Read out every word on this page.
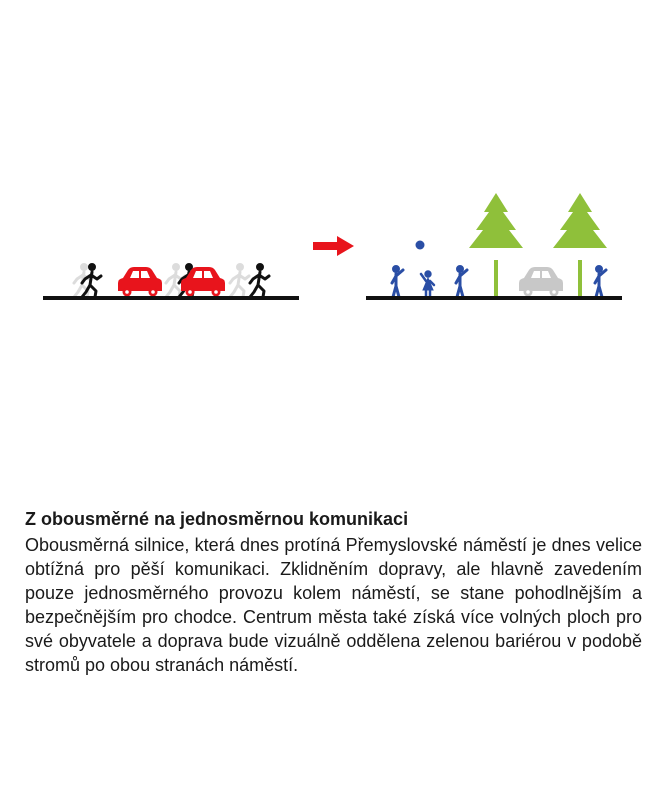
Z obousměrné na jednosměrnou komunikaci

Obousměrná silnice, která dnes protíná Přemyslovské náměstí je dnes velice obtížná pro pěší komunikaci. Zklidněním dopravy, ale hlavně zavedením pouze jednosměrného provozu kolem náměstí, se stane pohodlnějším a bezpečnějším pro chodce. Centrum města také získá více volných ploch pro své obyvatele a doprava bude vizuálně oddělena zelenou bariérou v podobě stromů po obou stranách náměstí.
